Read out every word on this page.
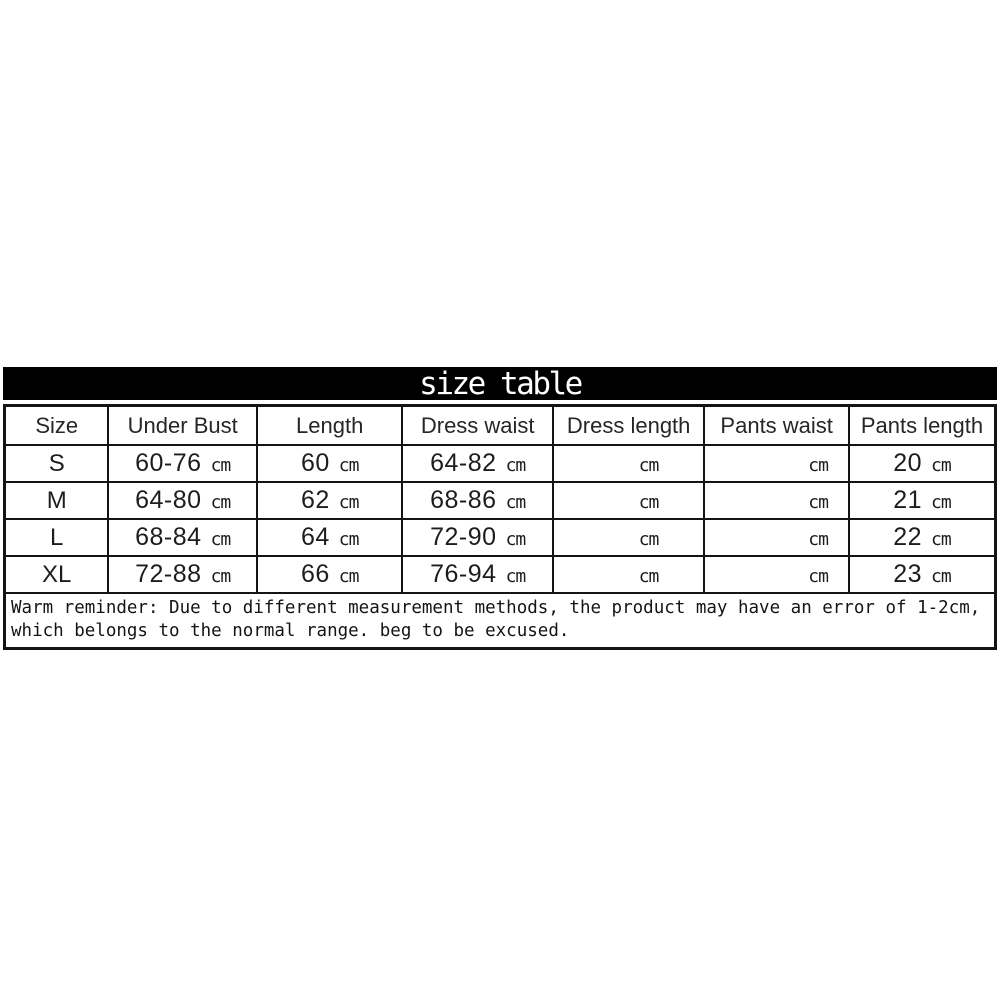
size table
Size	Under Bust	Length	Dress waist	Dress length	Pants waist	Pants length

S	60-76 cm	60 cm	64-82 cm	cm	cm	20 cm

M	64-80 cm	62 cm	68-86 cm	cm	cm	21 cm

L	68-84 cm	64 cm	72-90 cm	cm	cm	22 cm

XL	72-88 cm	66 cm	76-94 cm	cm	cm	23 cm

Warm reminder: Due to different measurement methods, the product may have an error of 1-2cm,
which belongs to the normal range. beg to be excused.						
